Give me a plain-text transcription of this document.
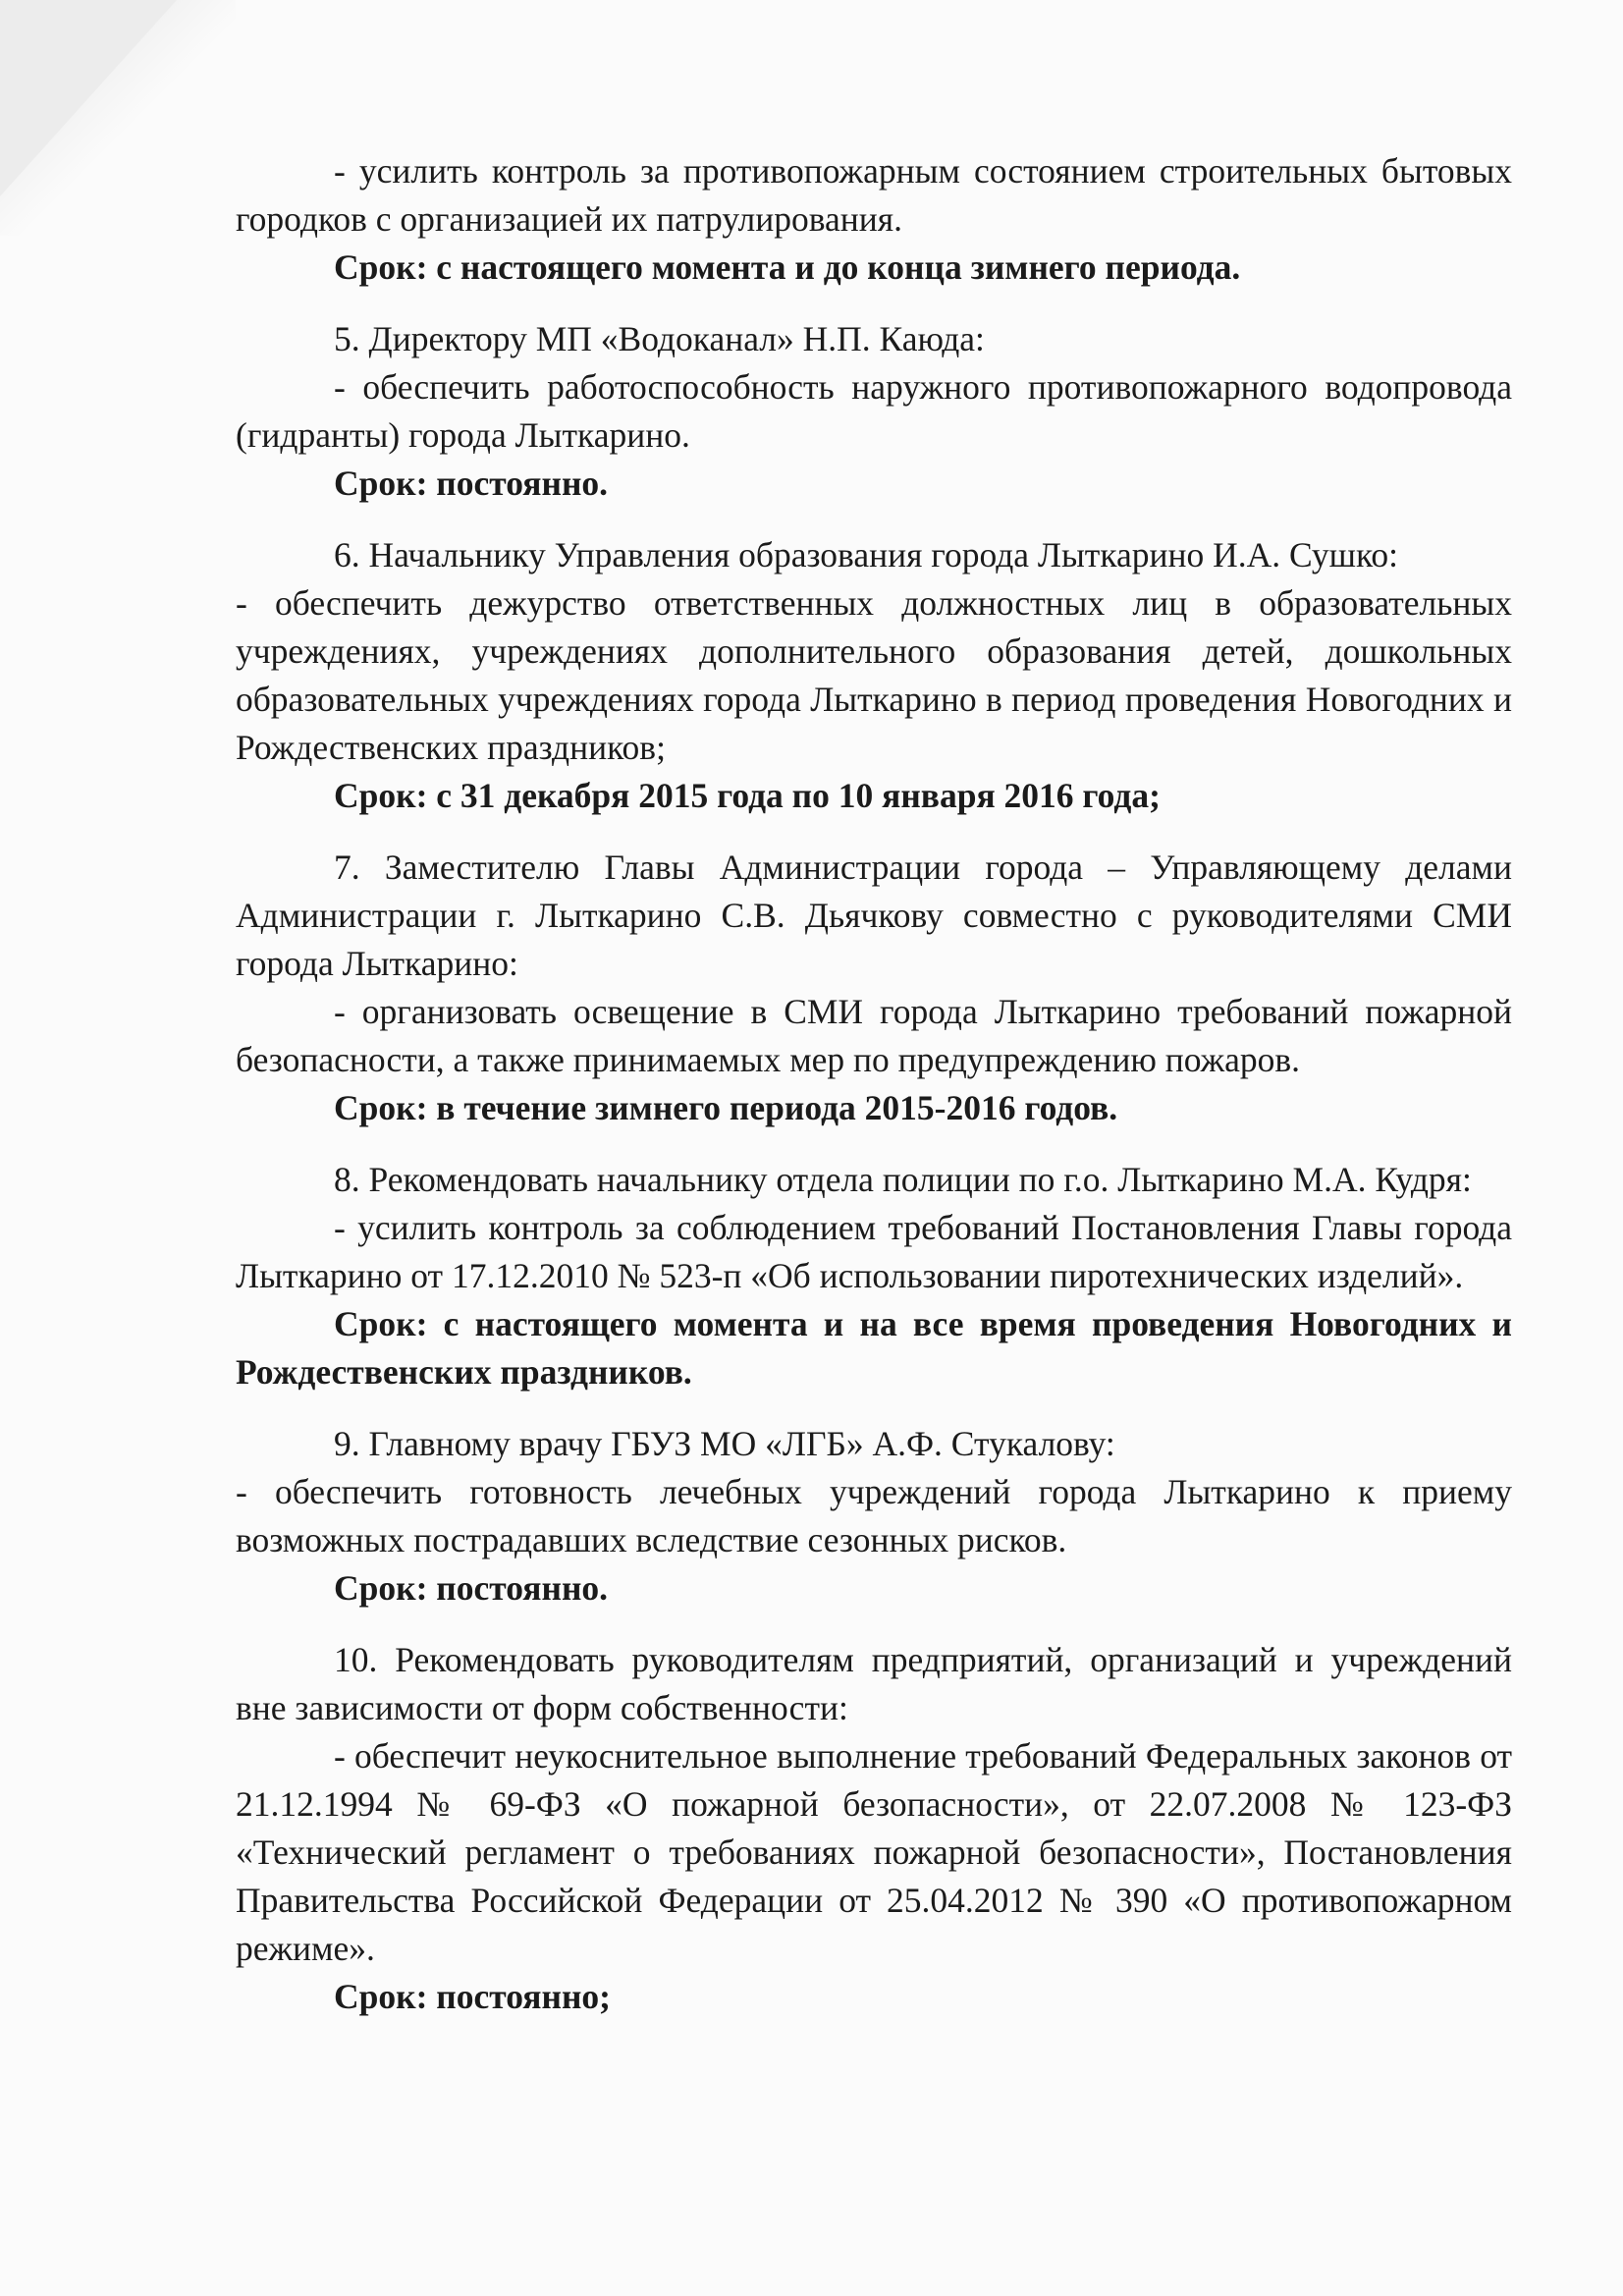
- усилить контроль за противопожарным состоянием строительных бытовых городков с организацией их патрулирования.

Срок: с настоящего момента и до конца зимнего периода.

5. Директору МП «Водоканал» Н.П. Каюда:

- обеспечить работоспособность наружного противопожарного водопровода (гидранты) города Лыткарино.

Срок: постоянно.

6. Начальнику Управления образования города Лыткарино И.А. Сушко:

- обеспечить дежурство ответственных должностных лиц в образовательных учреждениях, учреждениях дополнительного образования детей, дошкольных образовательных учреждениях города Лыткарино в период проведения Новогодних и Рождественских праздников;

Срок: с 31 декабря 2015 года по 10 января 2016 года;

7. Заместителю Главы Администрации города – Управляющему делами Администрации г. Лыткарино С.В. Дьячкову совместно с руководителями СМИ города Лыткарино:

- организовать освещение в СМИ города Лыткарино требований пожарной безопасности, а также принимаемых мер по предупреждению пожаров.

Срок: в течение зимнего периода 2015-2016 годов.

8. Рекомендовать начальнику отдела полиции по г.о. Лыткарино М.А. Кудря:

- усилить контроль за соблюдением требований Постановления Главы города Лыткарино от 17.12.2010 № 523-п «Об использовании пиротехнических изделий».

Срок: с настоящего момента и на все время проведения Новогодних и Рождественских праздников.

9. Главному врачу ГБУЗ МО «ЛГБ» А.Ф. Стукалову:

- обеспечить готовность лечебных учреждений города Лыткарино к приему возможных пострадавших вследствие сезонных рисков.

Срок: постоянно.

10. Рекомендовать руководителям предприятий, организаций и учреждений вне зависимости от форм собственности:

- обеспечит неукоснительное выполнение требований Федеральных законов от 21.12.1994 № 69-ФЗ «О пожарной безопасности», от 22.07.2008 № 123-ФЗ «Технический регламент о требованиях пожарной безопасности», Постановления Правительства Российской Федерации от 25.04.2012 № 390 «О противопожарном режиме».

Срок: постоянно;
